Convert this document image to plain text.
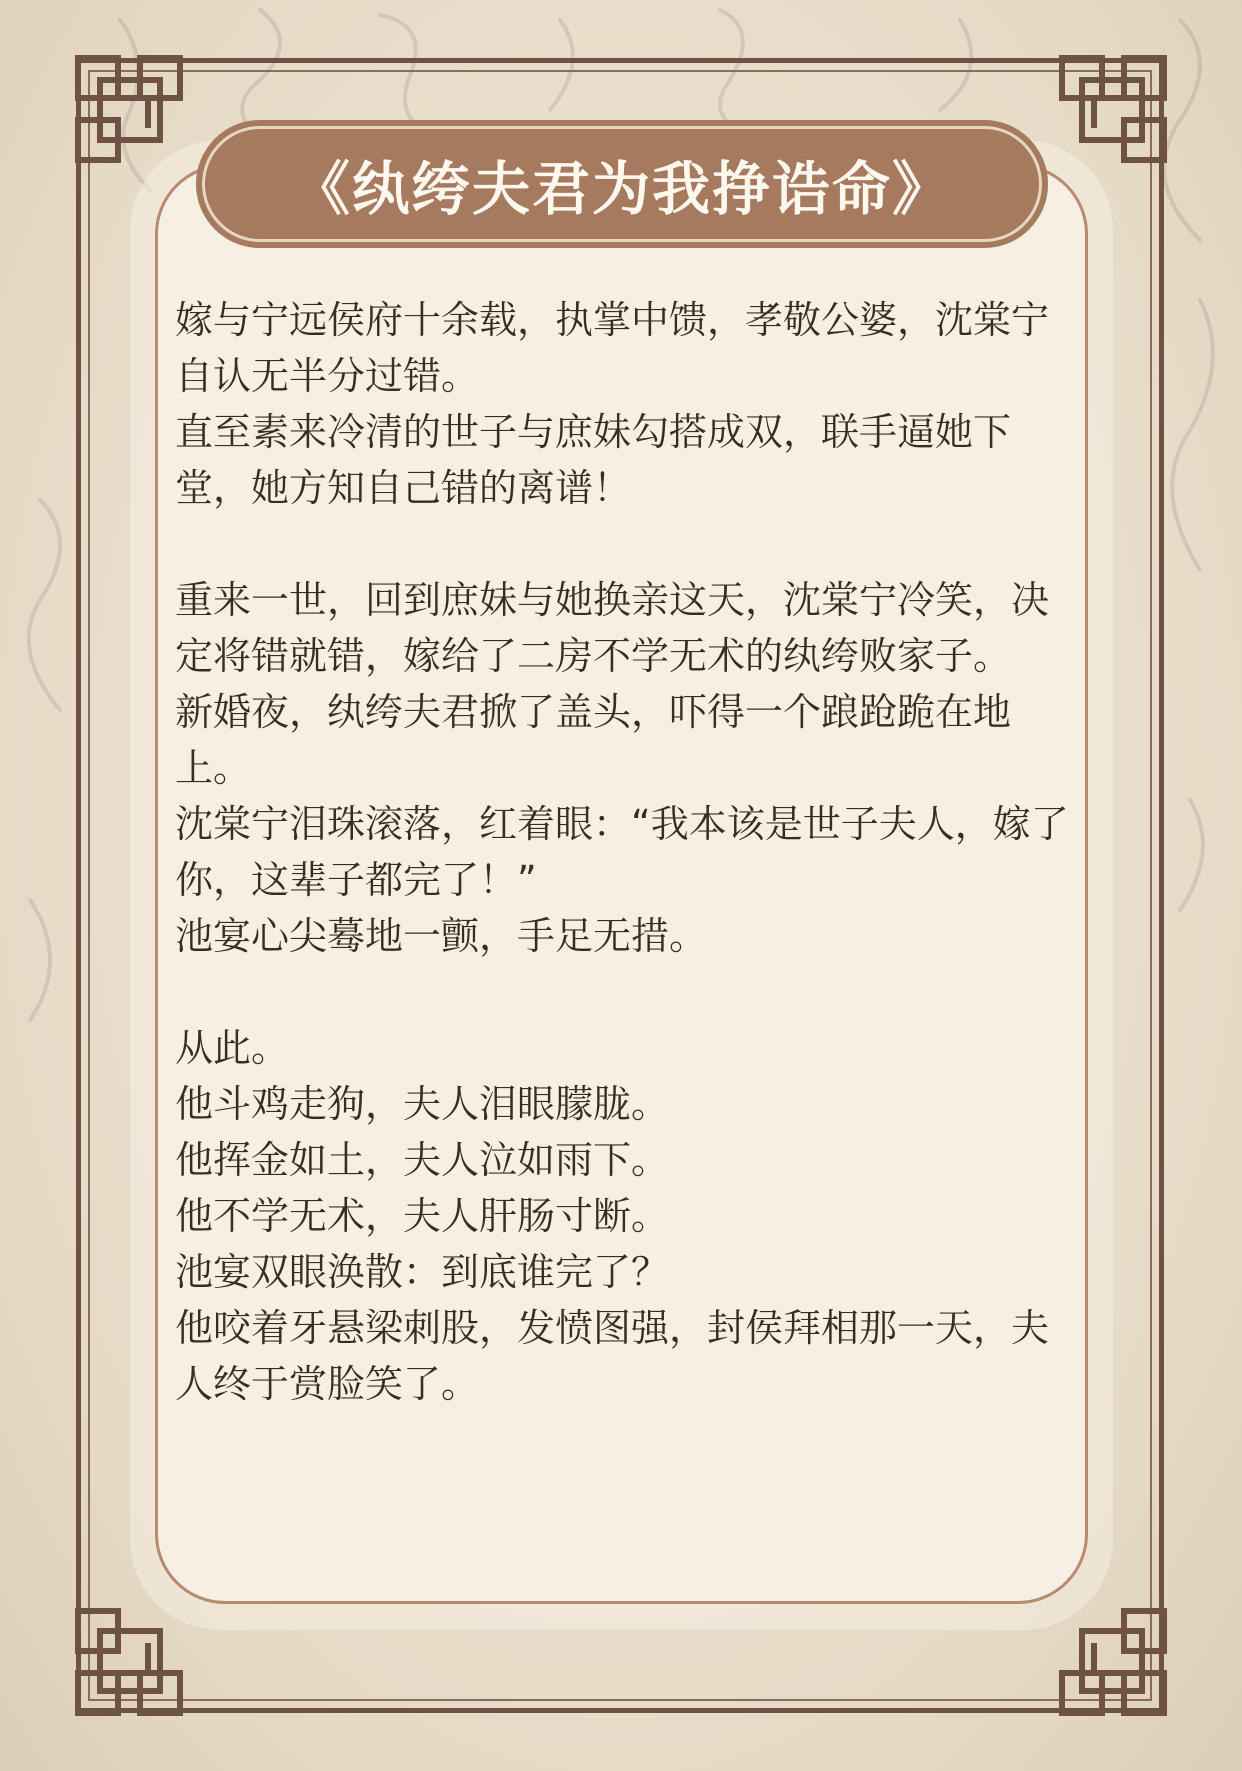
《纨绔夫君为我挣诰命》

嫁与宁远侯府十余载，执掌中馈，孝敬公婆，沈棠宁自认无半分过错。

直至素来冷清的世子与庶妹勾搭成双，联手逼她下堂，她方知自己错的离谱！

重来一世，回到庶妹与她换亲这天，沈棠宁冷笑，决定将错就错，嫁给了二房不学无术的纨绔败家子。

新婚夜，纨绔夫君掀了盖头，吓得一个踉跄跪在地上。

沈棠宁泪珠滚落，红着眼：“我本该是世子夫人，嫁了你，这辈子都完了！”

池宴心尖蓦地一颤，手足无措。

从此。

他斗鸡走狗，夫人泪眼朦胧。

他挥金如土，夫人泣如雨下。

他不学无术，夫人肝肠寸断。

池宴双眼涣散：到底谁完了？

他咬着牙悬梁刺股，发愤图强，封侯拜相那一天，夫人终于赏脸笑了。
